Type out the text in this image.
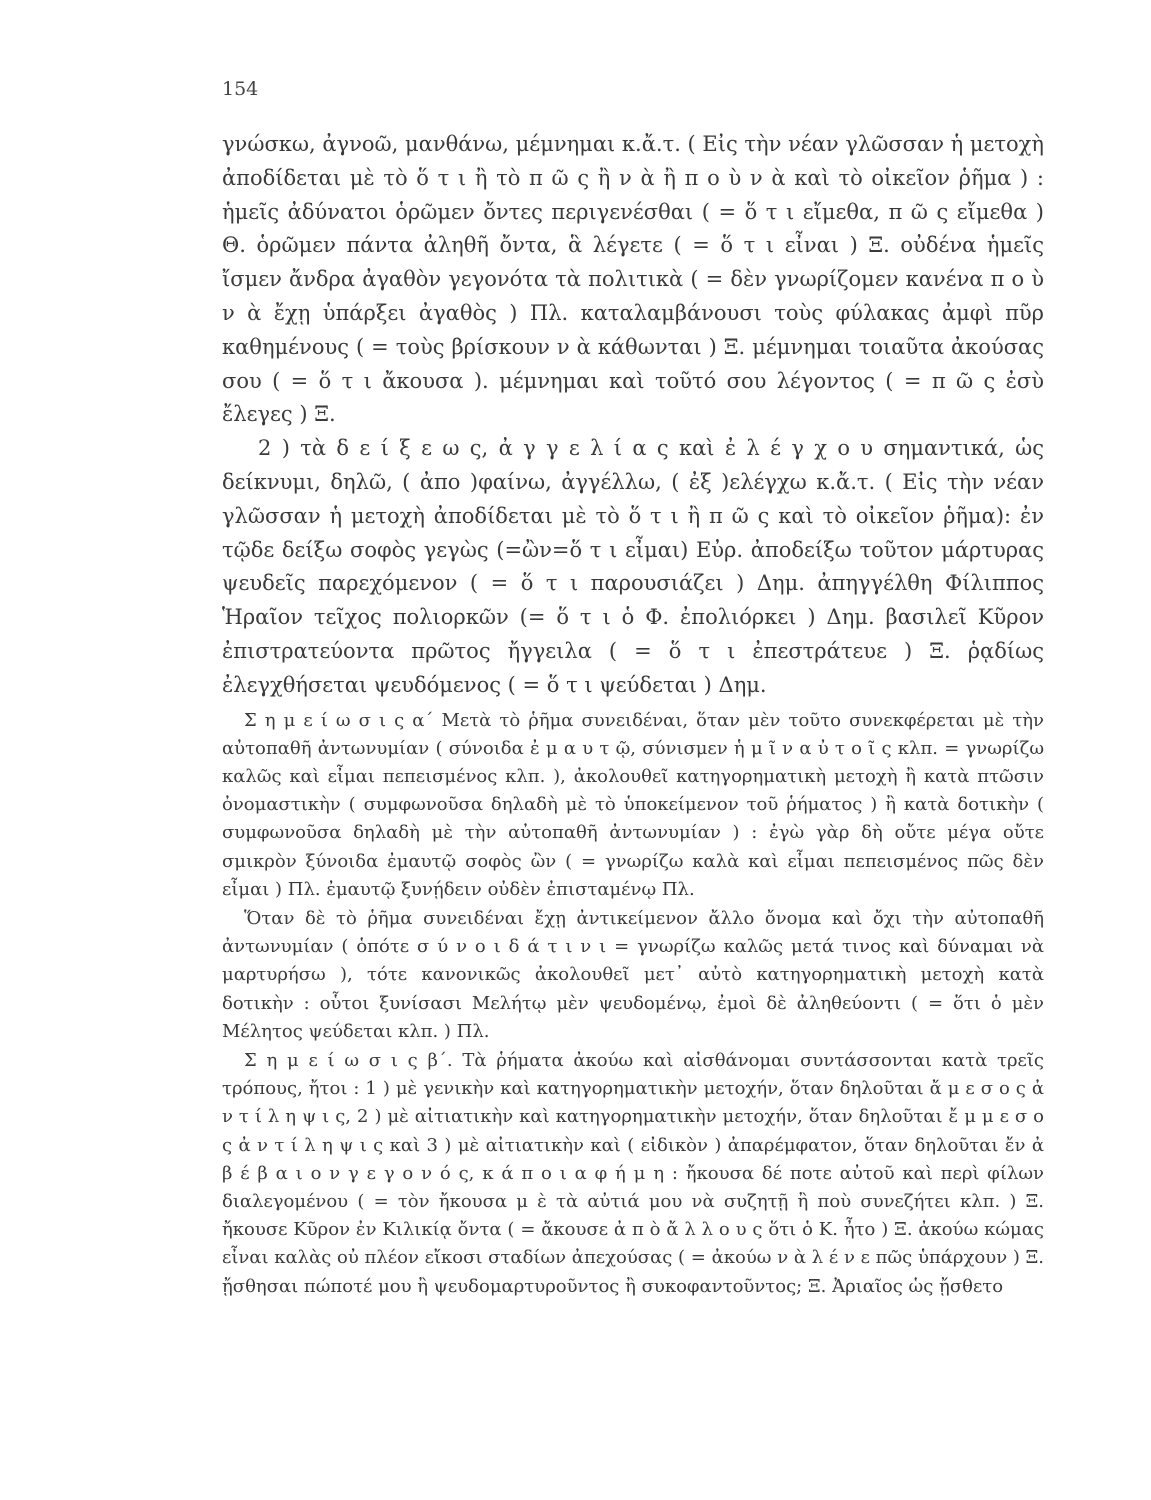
154

γνώσκω, ἀγνοῶ, μανθάνω, μέμνημαι κ.ἄ.τ. ( Εἰς τὴν νέαν γλῶσσαν ἡ μετοχὴ ἀποδίδεται μὲ τὸ ὅ τ ι ἢ τὸ π ῶ ς ἢ ν ὰ ἢ π ο ὺ ν ὰ καὶ τὸ οἰκεῖον ῥῆμα ) : ἡμεῖς ἀδύνατοι ὁρῶμεν ὄντες περιγενέσθαι ( = ὅ τ ι εἴμεθα, π ῶ ς εἴμεθα ) Θ. ὁρῶμεν πάντα ἀληθῆ ὄντα, ἃ λέγετε ( = ὅ τ ι εἶναι ) Ξ. οὐδένα ἡμεῖς ἴσμεν ἄνδρα ἀγαθὸν γεγονότα τὰ πολιτικὰ ( = δὲν γνωρίζομεν κανένα π ο ὺ ν ὰ ἔχῃ ὑπάρξει ἀγαθὸς ) Πλ. καταλαμβάνουσι τοὺς φύλακας ἀμφὶ πῦρ καθημένους ( = τοὺς βρίσκουν ν ὰ κάθωνται ) Ξ. μέμνημαι τοιαῦτα ἀκούσας σου ( = ὅ τ ι ἄκουσα ). μέμνημαι καὶ τοῦτό σου λέγοντος ( = π ῶ ς ἐσὺ ἔλεγες ) Ξ.

2 ) τὰ δ ε ί ξ ε ω ς, ἀ γ γ ε λ ί α ς καὶ ἐ λ έ γ χ ο υ σημαντικά, ὡς δείκνυμι, δηλῶ, ( ἀπο )φαίνω, ἀγγέλλω, ( ἐξ )ελέγχω κ.ἄ.τ. ( Εἰς τὴν νέαν γλῶσσαν ἡ μετοχὴ ἀποδίδεται μὲ τὸ ὅ τ ι ἢ π ῶ ς καὶ τὸ οἰκεῖον ῥῆμα): ἐν τῷδε δείξω σοφὸς γεγὼς (=ὢν=ὅ τ ι εἶμαι) Εὐρ. ἀποδείξω τοῦτον μάρτυρας ψευδεῖς παρεχόμενον ( = ὅ τ ι παρουσιάζει ) Δημ. ἀπηγγέλθη Φίλιππος Ἡραῖον τεῖχος πολιορκῶν (= ὅ τ ι ὁ Φ. ἐπολιόρκει ) Δημ. βασιλεῖ Κῦρον ἐπιστρατεύοντα πρῶτος ἤγγειλα ( = ὅ τ ι ἐπεστράτευε ) Ξ. ῥᾳδίως ἐλεγχθήσεται ψευδόμενος ( = ὅ τ ι ψεύδεται ) Δημ.

Σ η μ ε ί ω σ ι ς α΄ Μετὰ τὸ ῥῆμα συνειδέναι, ὅταν μὲν τοῦτο συνεκφέρεται μὲ τὴν αὐτοπαθῆ ἀντωνυμίαν ( σύνοιδα ἐ μ α υ τ ῷ, σύνισμεν ἡ μ ῖ ν α ὐ τ ο ῖ ς κλπ. = γνωρίζω καλῶς καὶ εἶμαι πεπεισμένος κλπ. ), ἀκολουθεῖ κατηγορηματικὴ μετοχὴ ἢ κατὰ πτῶσιν ὀνομαστικὴν ( συμφωνοῦσα δηλαδὴ μὲ τὸ ὑποκείμενον τοῦ ῥήματος ) ἢ κατὰ δοτικὴν ( συμφωνοῦσα δηλαδὴ μὲ τὴν αὐτοπαθῆ ἀντωνυμίαν ) : ἐγὼ γὰρ δὴ οὔτε μέγα οὔτε σμικρὸν ξύνοιδα ἐμαυτῷ σοφὸς ὢν ( = γνωρίζω καλὰ καὶ εἶμαι πεπεισμένος πῶς δὲν εἶμαι ) Πλ. ἐμαυτῷ ξυνῄδειν οὐδὲν ἐπισταμένῳ Πλ.

Ὅταν δὲ τὸ ῥῆμα συνειδέναι ἔχῃ ἀντικείμενον ἄλλο ὄνομα καὶ ὄχι τὴν αὐτοπαθῆ ἀντωνυμίαν ( ὁπότε σ ύ ν ο ι δ ά τ ι ν ι = γνωρίζω καλῶς μετά τινος καὶ δύναμαι νὰ μαρτυρήσω ), τότε κανονικῶς ἀκολουθεῖ μετ᾿ αὐτὸ κατηγορηματικὴ μετοχὴ κατὰ δοτικὴν : οὗτοι ξυνίσασι Μελήτῳ μὲν ψευδομένῳ, ἐμοὶ δὲ ἀληθεύοντι ( = ὅτι ὁ μὲν Μέλητος ψεύδεται κλπ. ) Πλ.

Σ η μ ε ί ω σ ι ς β΄. Τὰ ῥήματα ἀκούω καὶ αἰσθάνομαι συντάσσονται κατὰ τρεῖς τρόπους, ἤτοι : 1 ) μὲ γενικὴν καὶ κατηγορηματικὴν μετοχήν, ὅταν δηλοῦται ἄ μ ε σ ο ς ἀ ν τ ί λ η ψ ι ς, 2 ) μὲ αἰτιατικὴν καὶ κατηγορηματικὴν μετοχήν, ὅταν δηλοῦται ἔ μ μ ε σ ο ς ἀ ν τ ί λ η ψ ι ς καὶ 3 ) μὲ αἰτιατικὴν καὶ ( εἰδικὸν ) ἀπαρέμφατον, ὅταν δηλοῦται ἔν ἀ β έ β α ι ο ν γ ε γ ο ν ό ς, κ ά π ο ι α φ ή μ η : ἤκουσα δέ ποτε αὐτοῦ καὶ περὶ φίλων διαλεγομένου ( = τὸν ἤκουσα μ ὲ τὰ αὐτιά μου νὰ συζητῇ ἢ ποὺ συνεζήτει κλπ. ) Ξ. ἤκουσε Κῦρον ἐν Κιλικίᾳ ὄντα ( = ἄκουσε ἀ π ὸ ἄ λ λ ο υ ς ὅτι ὁ Κ. ἦτο ) Ξ. ἀκούω κώμας εἶναι καλὰς οὐ πλέον εἴκοσι σταδίων ἀπεχούσας ( = ἀκούω ν ὰ λ έ ν ε πῶς ὑπάρχουν ) Ξ. ᾔσθησαι πώποτέ μου ἢ ψευδομαρτυροῦντος ἢ συκοφαντοῦντος; Ξ. Ἀριαῖος ὡς ᾔσθετο
